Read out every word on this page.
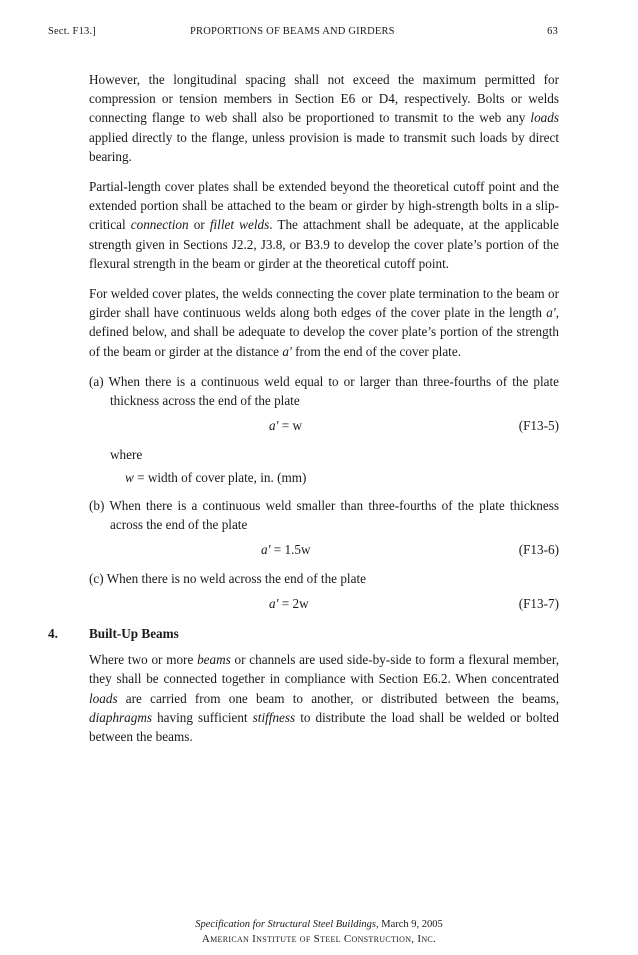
Sect. F13.]	PROPORTIONS OF BEAMS AND GIRDERS	63

However, the longitudinal spacing shall not exceed the maximum permitted for compression or tension members in Section E6 or D4, respectively. Bolts or welds connecting flange to web shall also be proportioned to transmit to the web any loads applied directly to the flange, unless provision is made to transmit such loads by direct bearing.

Partial-length cover plates shall be extended beyond the theoretical cutoff point and the extended portion shall be attached to the beam or girder by high-strength bolts in a slip-critical connection or fillet welds. The attachment shall be adequate, at the applicable strength given in Sections J2.2, J3.8, or B3.9 to develop the cover plate’s portion of the flexural strength in the beam or girder at the theoretical cutoff point.

For welded cover plates, the welds connecting the cover plate termination to the beam or girder shall have continuous welds along both edges of the cover plate in the length a′, defined below, and shall be adequate to develop the cover plate’s portion of the strength of the beam or girder at the distance a′ from the end of the cover plate.

(a) When there is a continuous weld equal to or larger than three-fourths of the plate thickness across the end of the plate
a′ = w	(F13-5)
where
w = width of cover plate, in. (mm)
(b) When there is a continuous weld smaller than three-fourths of the plate thickness across the end of the plate
a′ = 1.5w	(F13-6)
(c) When there is no weld across the end of the plate
a′ = 2w	(F13-7)
4. Built-Up Beams

Where two or more beams or channels are used side-by-side to form a flexural member, they shall be connected together in compliance with Section E6.2. When concentrated loads are carried from one beam to another, or distributed between the beams, diaphragms having sufficient stiffness to distribute the load shall be welded or bolted between the beams.

Specification for Structural Steel Buildings, March 9, 2005
American Institute of Steel Construction, Inc.
